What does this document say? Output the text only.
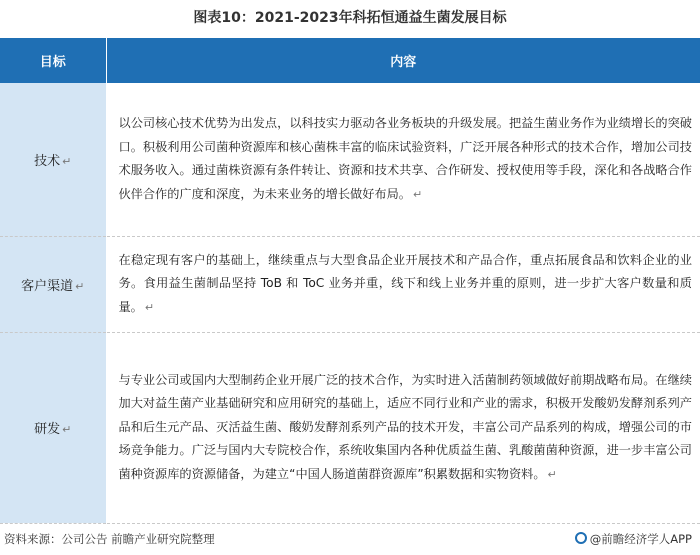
图表10：2021-2023年科拓恒通益生菌发展目标
目标	内容
技术 ↵	以公司核心技术优势为出发点，以科技实力驱动各业务板块的升级发展。把益生菌业务作为业绩增长的突破口。积极利用公司菌种资源库和核心菌株丰富的临床试验资料，广泛开展各种形式的技术合作，增加公司技术服务收入。通过菌株资源有条件转让、资源和技术共享、合作研发、授权使用等手段，深化和各战略合作伙伴合作的广度和深度，为未来业务的增长做好布局。 ↵
客户渠道 ↵	在稳定现有客户的基础上，继续重点与大型食品企业开展技术和产品合作，重点拓展食品和饮料企业的业务。食用益生菌制品坚持 ToB 和 ToC 业务并重，线下和线上业务并重的原则，进一步扩大客户数量和质量。 ↵
研发 ↵	与专业公司或国内大型制药企业开展广泛的技术合作，为实时进入活菌制药领域做好前期战略布局。在继续加大对益生菌产业基础研究和应用研究的基础上，适应不同行业和产业的需求，积极开发酸奶发酵剂系列产品和后生元产品、灭活益生菌、酸奶发酵剂系列产品的技术开发，丰富公司产品系列的构成，增强公司的市场竞争能力。广泛与国内大专院校合作，系统收集国内各种优质益生菌、乳酸菌菌种资源，进一步丰富公司菌种资源库的资源储备，为建立“中国人肠道菌群资源库”积累数据和实物资料。 ↵
资料来源：公司公告 前瞻产业研究院整理	@前瞻经济学人APP
